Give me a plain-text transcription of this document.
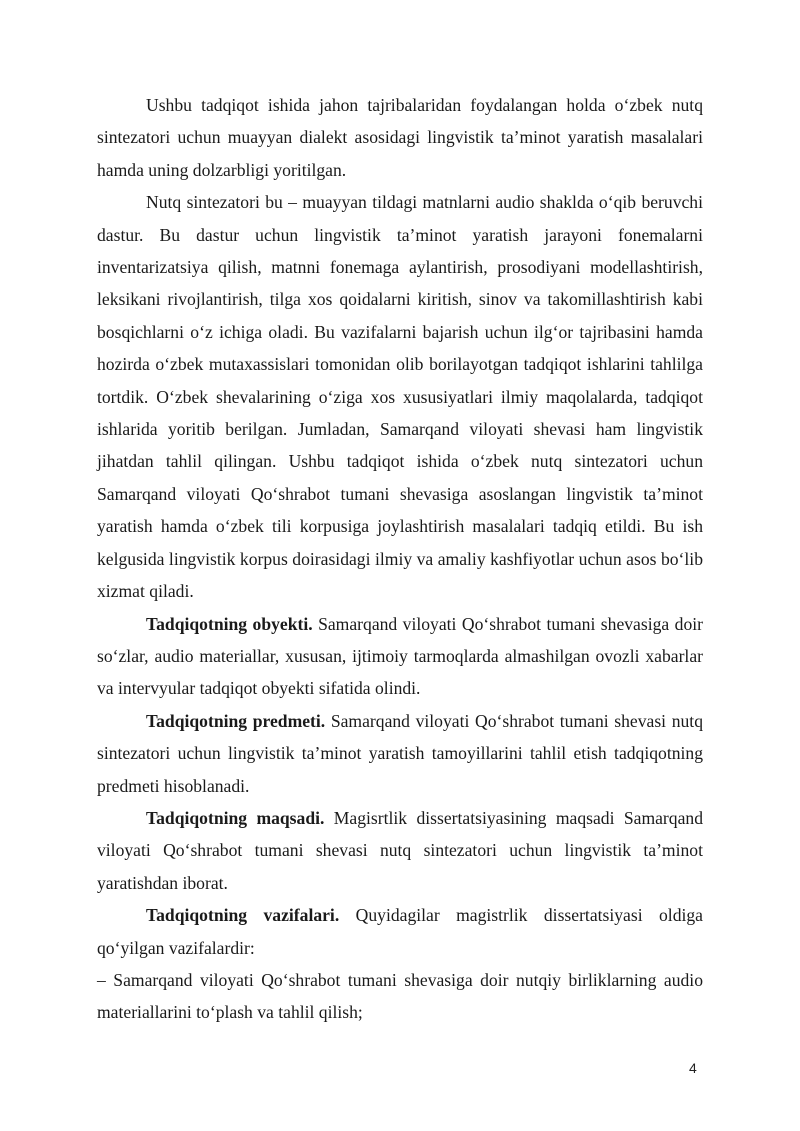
Ushbu tadqiqot ishida jahon tajribalaridan foydalangan holda o‘zbek nutq sintezatori uchun muayyan dialekt asosidagi lingvistik ta’minot yaratish masalalari hamda uning dolzarbligi yoritilgan.

Nutq sintezatori bu – muayyan tildagi matnlarni audio shaklda o‘qib beruvchi dastur. Bu dastur uchun lingvistik ta’minot yaratish jarayoni fonemalarni inventarizatsiya qilish, matnni fonemaga aylantirish, prosodiyani modellashtirish, leksikani rivojlantirish, tilga xos qoidalarni kiritish, sinov va takomillashtirish kabi bosqichlarni o‘z ichiga oladi. Bu vazifalarni bajarish uchun ilg‘or tajribasini hamda hozirda o‘zbek mutaxassislari tomonidan olib borilayotgan tadqiqot ishlarini tahlilga tortdik. O‘zbek shevalarining o‘ziga xos xususiyatlari ilmiy maqolalarda, tadqiqot ishlarida yoritib berilgan. Jumladan, Samarqand viloyati shevasi ham lingvistik jihatdan tahlil qilingan. Ushbu tadqiqot ishida o‘zbek nutq sintezatori uchun Samarqand viloyati Qo‘shrabot tumani shevasiga asoslangan lingvistik ta’minot yaratish hamda o‘zbek tili korpusiga joylashtirish masalalari tadqiq etildi. Bu ish kelgusida lingvistik korpus doirasidagi ilmiy va amaliy kashfiyotlar uchun asos bo‘lib xizmat qiladi.

Tadqiqotning obyekti. Samarqand viloyati Qo‘shrabot tumani shevasiga doir so‘zlar, audio materiallar, xususan, ijtimoiy tarmoqlarda almashilgan ovozli xabarlar va intervyular tadqiqot obyekti sifatida olindi.

Tadqiqotning predmeti. Samarqand viloyati Qo‘shrabot tumani shevasi nutq sintezatori uchun lingvistik ta’minot yaratish tamoyillarini tahlil etish tadqiqotning predmeti hisoblanadi.

Tadqiqotning maqsadi. Magisrtlik dissertatsiyasining maqsadi Samarqand viloyati Qo‘shrabot tumani shevasi nutq sintezatori uchun lingvistik ta’minot yaratishdan iborat.

Tadqiqotning vazifalari. Quyidagilar magistrlik dissertatsiyasi oldiga qo‘yilgan vazifalardir:

– Samarqand viloyati Qo‘shrabot tumani shevasiga doir nutqiy birliklarning audio materiallarini to‘plash va tahlil qilish;

4
